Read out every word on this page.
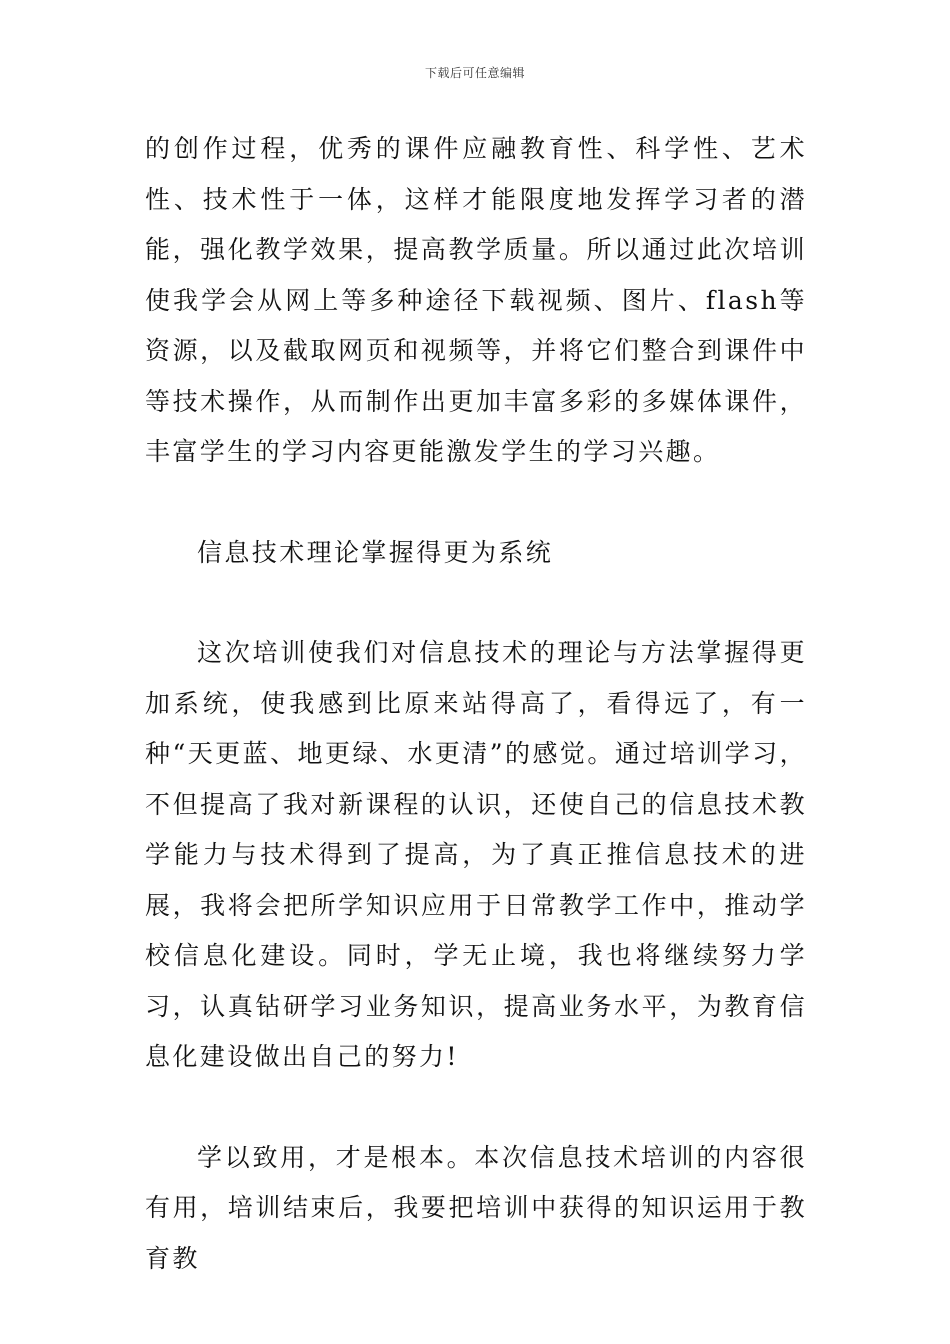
下载后可任意编辑

的创作过程，优秀的课件应融教育性、科学性、艺术性、技术性于一体，这样才能限度地发挥学习者的潜能，强化教学效果，提高教学质量。所以通过此次培训使我学会从网上等多种途径下载视频、图片、flash等资源，以及截取网页和视频等，并将它们整合到课件中等技术操作，从而制作出更加丰富多彩的多媒体课件，丰富学生的学习内容更能激发学生的学习兴趣。

信息技术理论掌握得更为系统

这次培训使我们对信息技术的理论与方法掌握得更加系统，使我感到比原来站得高了，看得远了，有一种“天更蓝、地更绿、水更清”的感觉。通过培训学习，不但提高了我对新课程的认识，还使自己的信息技术教学能力与技术得到了提高，为了真正推信息技术的进展，我将会把所学知识应用于日常教学工作中，推动学校信息化建设。同时，学无止境，我也将继续努力学习，认真钻研学习业务知识，提高业务水平，为教育信息化建设做出自己的努力!

学以致用，才是根本。本次信息技术培训的内容很有用，培训结束后，我要把培训中获得的知识运用于教育教
